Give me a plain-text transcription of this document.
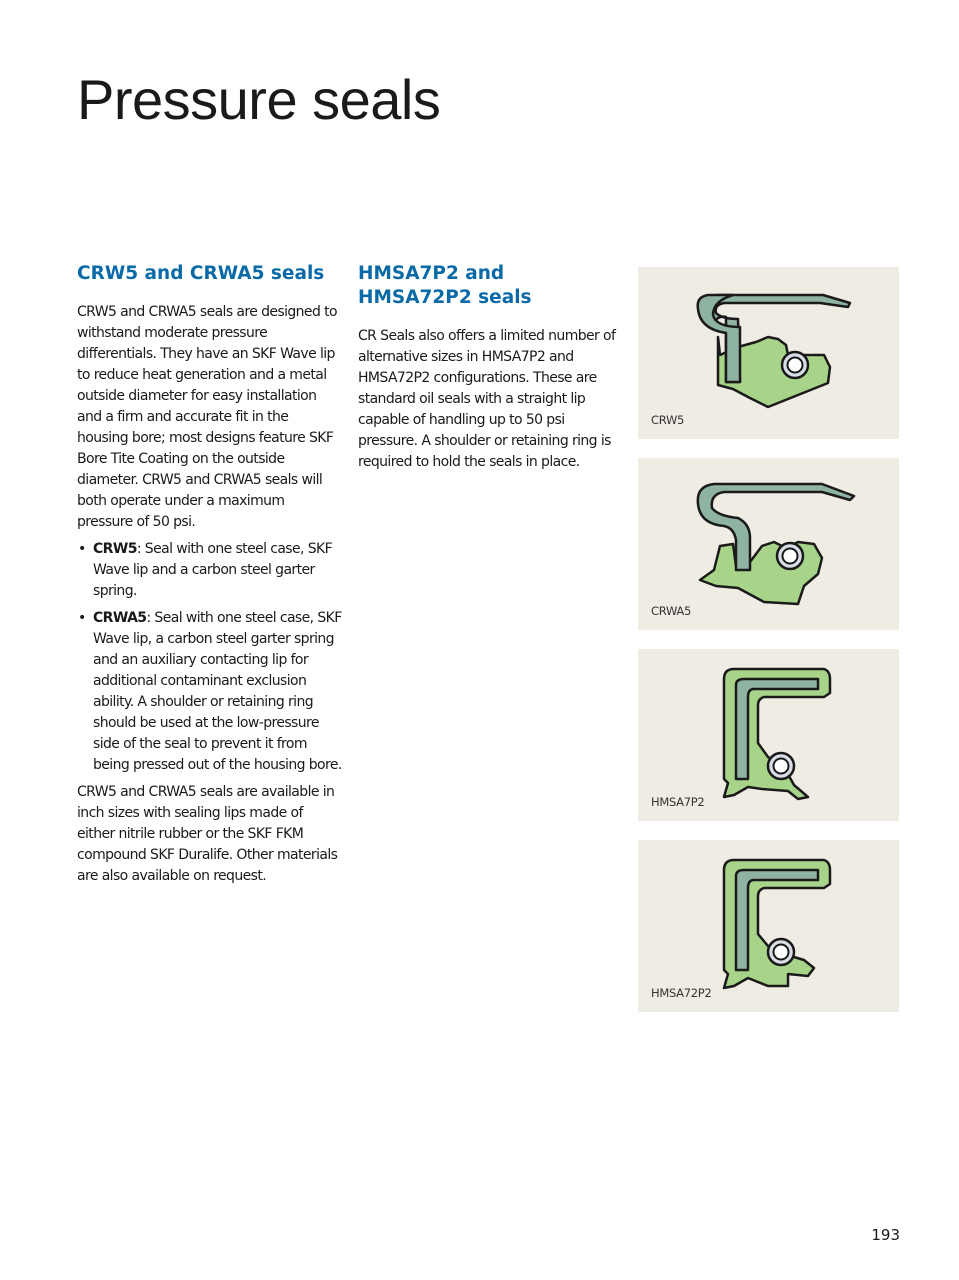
Pressure seals
CRW5 and CRWA5 seals

CRW5 and CRWA5 seals are designed to withstand moderate pressure differentials. They have an SKF Wave lip to reduce heat generation and a metal outside diameter for easy installation and a firm and accurate fit in the housing bore; most designs feature SKF Bore Tite Coating on the outside diameter. CRW5 and CRWA5 seals will both operate under a maximum pressure of 50 psi.

• CRW5: Seal with one steel case, SKF Wave lip and a carbon steel garter spring.
• CRWA5: Seal with one steel case, SKF Wave lip, a carbon steel garter spring and an auxiliary contacting lip for additional contaminant exclusion ability. A shoulder or retaining ring should be used at the low-pressure side of the seal to prevent it from being pressed out of the housing bore.

CRW5 and CRWA5 seals are available in inch sizes with sealing lips made of either nitrile rubber or the SKF FKM compound SKF Duralife. Other materials are also available on request.

HMSA7P2 and HMSA72P2 seals

CR Seals also offers a limited number of alternative sizes in HMSA7P2 and HMSA72P2 configurations. These are standard oil seals with a straight lip capable of handling up to 50 psi pressure. A shoulder or retaining ring is required to hold the seals in place.

CRW5
CRWA5
HMSA7P2
HMSA72P2
193
